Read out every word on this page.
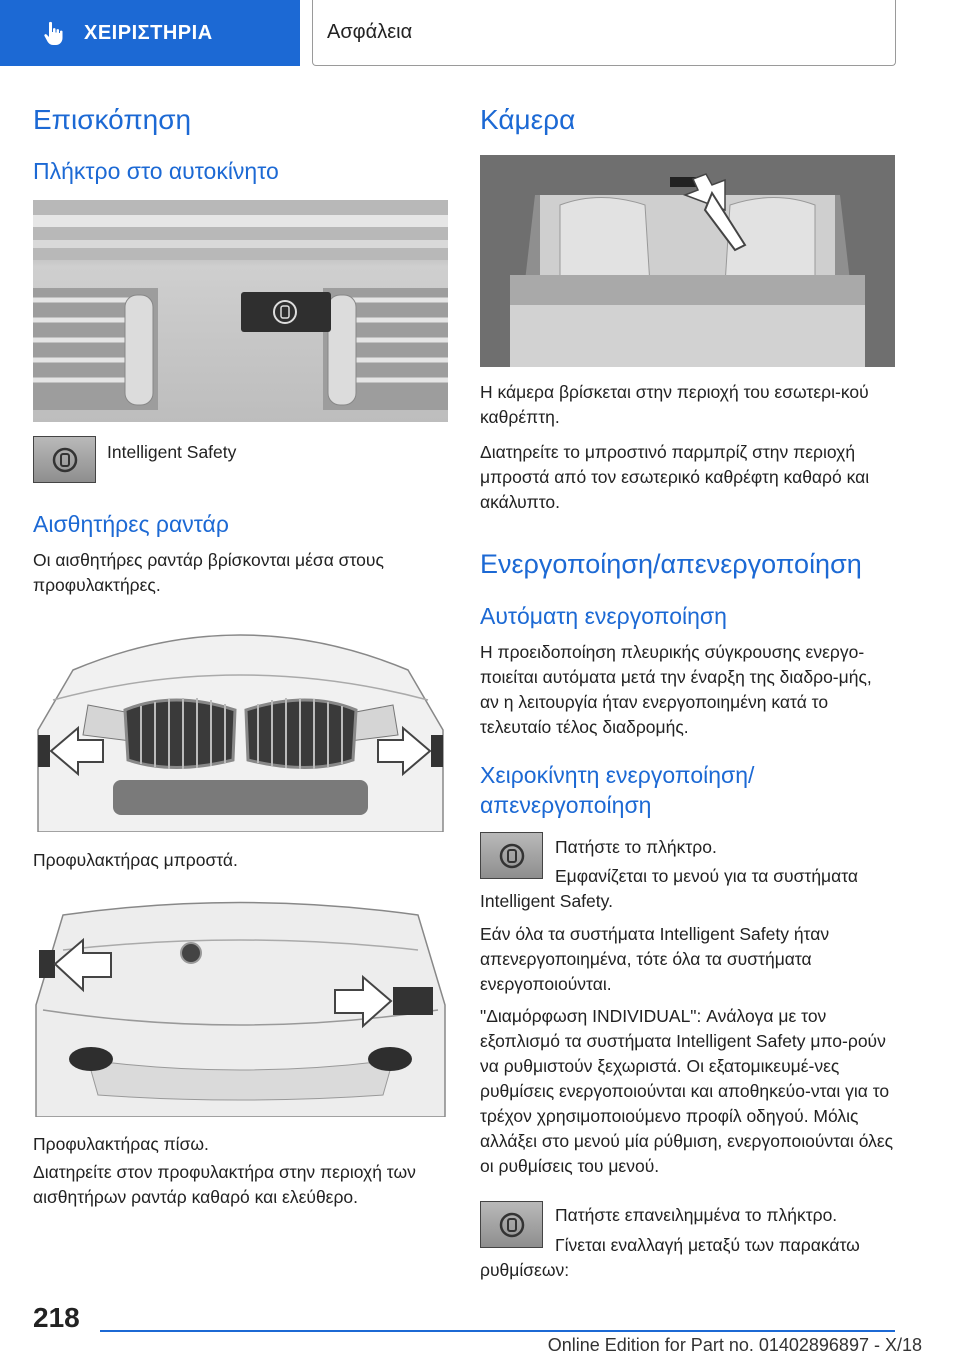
ΧΕΙΡΙΣΤΗΡΙΑ	Ασφάλεια
Επισκόπηση
Πλήκτρο στο αυτοκίνητο

Intelligent Safety

Αισθητήρες ραντάρ

Οι αισθητήρες ραντάρ βρίσκονται μέσα στους προφυλακτήρες.

Προφυλακτήρας μπροστά.

Προφυλακτήρας πίσω.

Διατηρείτε στον προφυλακτήρα στην περιοχή των αισθητήρων ραντάρ καθαρό και ελεύθερο.

Κάμερα

Η κάμερα βρίσκεται στην περιοχή του εσωτερι-κού καθρέπτη.

Διατηρείτε το μπροστινό παρμπρίζ στην περιοχή μπροστά από τον εσωτερικό καθρέφτη καθαρό και ακάλυπτο.

Ενεργοποίηση/απενεργοποίηση
Αυτόματη ενεργοποίηση

Η προειδοποίηση πλευρικής σύγκρουσης ενεργο-ποιείται αυτόματα μετά την έναρξη της διαδρο-μής, αν η λειτουργία ήταν ενεργοποιημένη κατά το τελευταίο τέλος διαδρομής.

Χειροκίνητη ενεργοποίηση/
απενεργοποίηση

Πατήστε το πλήκτρο.

Εμφανίζεται το μενού για τα συστήματα Intelligent Safety.

Εάν όλα τα συστήματα Intelligent Safety ήταν απενεργοποιημένα, τότε όλα τα συστήματα ενεργοποιούνται.

"Διαμόρφωση INDIVIDUAL": Ανάλογα με τον εξοπλισμό τα συστήματα Intelligent Safety μπο-ρούν να ρυθμιστούν ξεχωριστά. Οι εξατομικευμέ-νες ρυθμίσεις ενεργοποιούνται και αποθηκεύο-νται για το τρέχον χρησιμοποιούμενο προφίλ οδηγού. Μόλις αλλάξει στο μενού μία ρύθμιση, ενεργοποιούνται όλες οι ρυθμίσεις του μενού.

Πατήστε επανειλημμένα το πλήκτρο.

Γίνεται εναλλαγή μεταξύ των παρακάτω ρυθμίσεων:

218
Online Edition for Part no. 01402896897 - X/18
